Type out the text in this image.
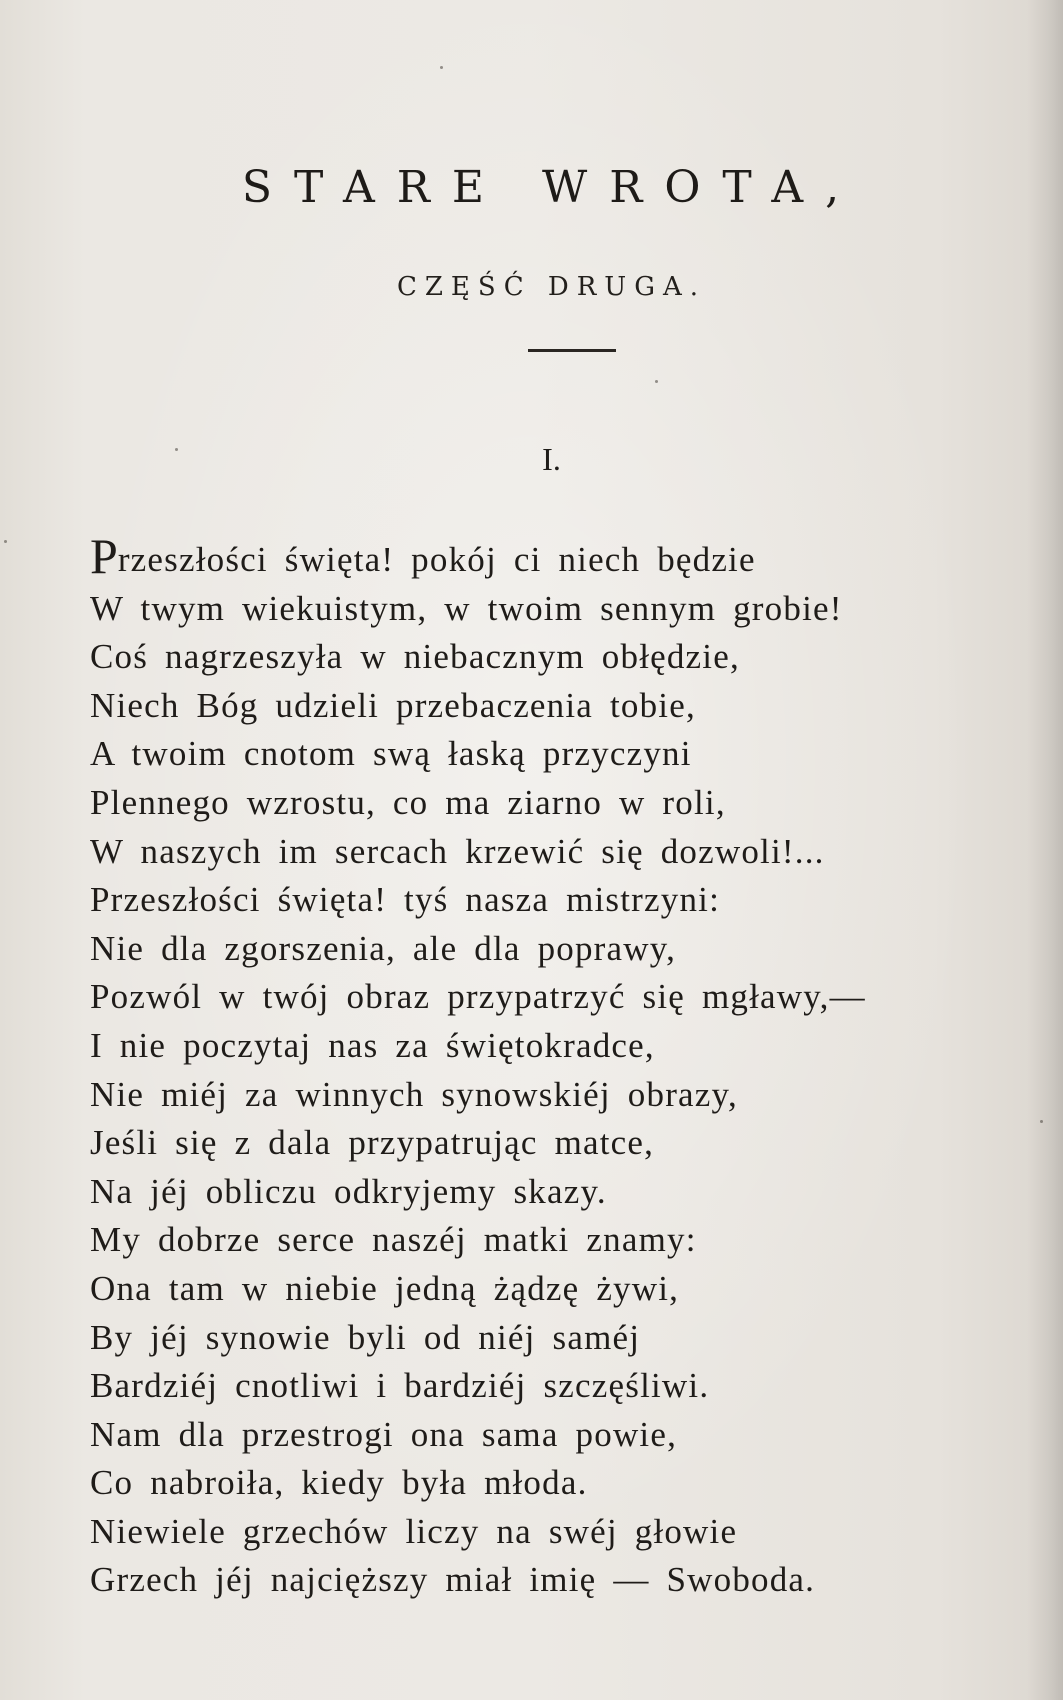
STARE WROTA,
CZĘŚĆ DRUGA.
I.
Przeszłości święta! pokój ci niech będzie
W twym wiekuistym, w twoim sennym grobie!
Coś nagrzeszyła w niebacznym obłędzie,
Niech Bóg udzieli przebaczenia tobie,
A twoim cnotom swą łaską przyczyni
Plennego wzrostu, co ma ziarno w roli,
W naszych im sercach krzewić się dozwoli!...
Przeszłości święta! tyś nasza mistrzyni:
Nie dla zgorszenia, ale dla poprawy,
Pozwól w twój obraz przypatrzyć się mgławy,—
I nie poczytaj nas za świętokradce,
Nie miéj za winnych synowskiéj obrazy,
Jeśli się z dala przypatrując matce,
Na jéj obliczu odkryjemy skazy.
My dobrze serce naszéj matki znamy:
Ona tam w niebie jedną żądzę żywi,
By jéj synowie byli od niéj saméj
Bardziéj cnotliwi i bardziéj szczęśliwi.
Nam dla przestrogi ona sama powie,
Co nabroiła, kiedy była młoda.
Niewiele grzechów liczy na swéj głowie
Grzech jéj najcięższy miał imię — Swoboda.
